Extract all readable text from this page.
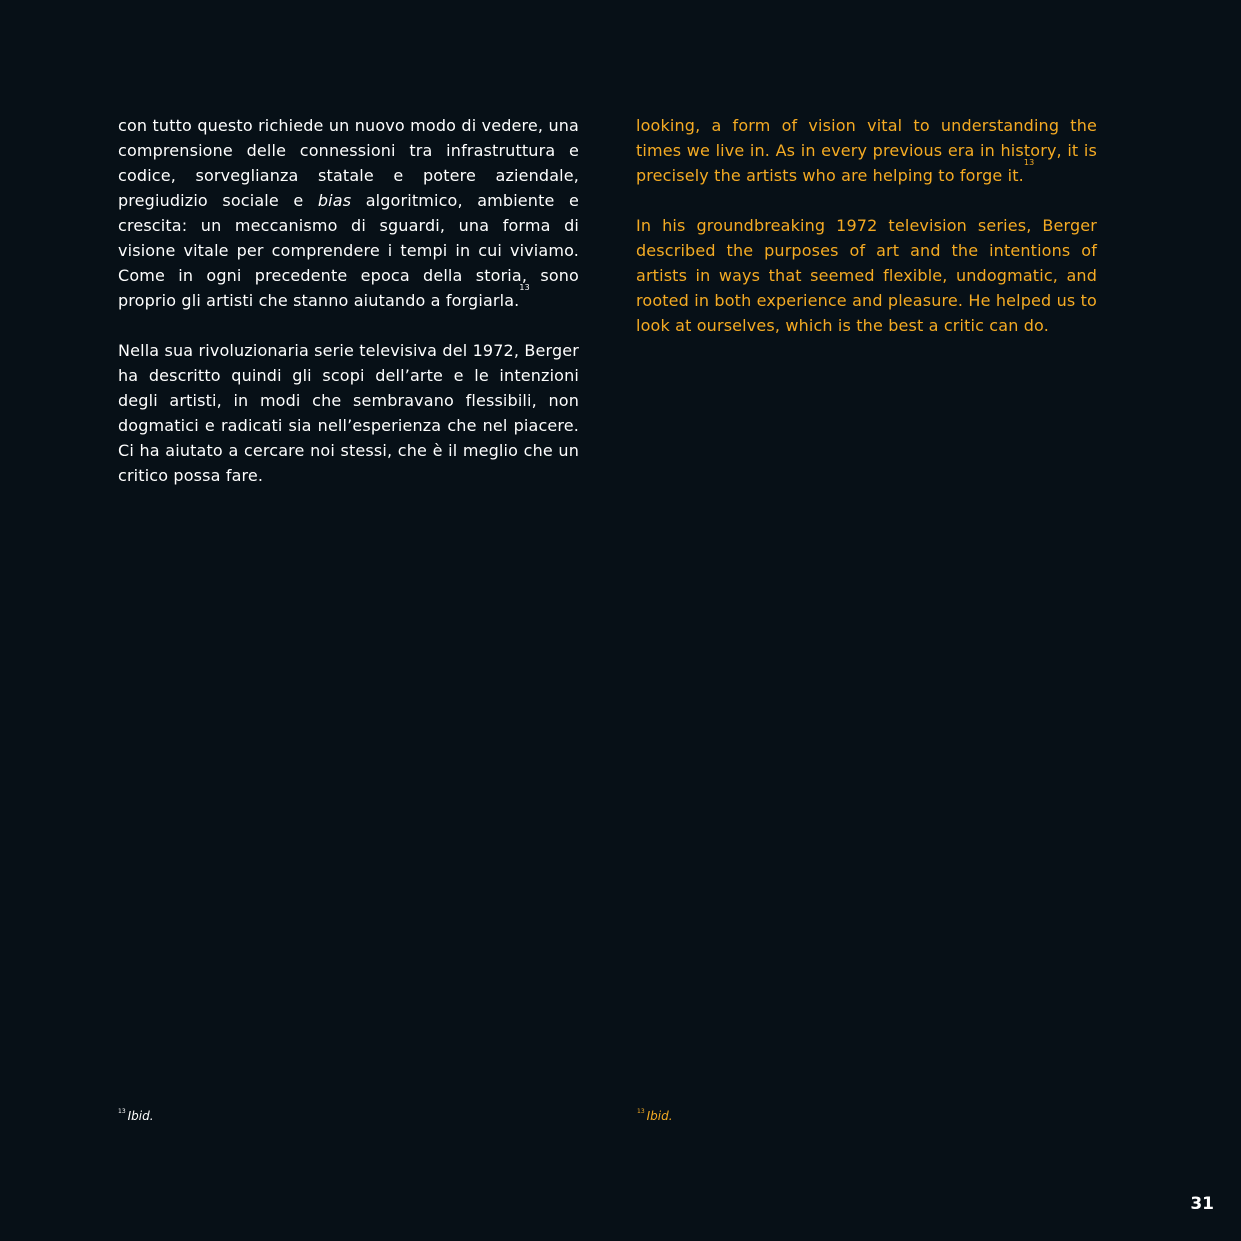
con tutto questo richiede un nuovo modo di vedere, una comprensione delle connessioni tra infrastruttura e codice, sorveglianza statale e potere aziendale, pregiudizio sociale e bias algoritmico, ambiente e crescita: un meccanismo di sguardi, una forma di visione vitale per comprendere i tempi in cui viviamo. Come in ogni precedente epoca della storia, sono proprio gli artisti che stanno aiutando a forgiarla.$^{13}$

Nella sua rivoluzionaria serie televisiva del 1972, Berger ha descritto quindi gli scopi dell’arte e le intenzioni degli artisti, in modi che sembravano flessibili, non dogmatici e radicati sia nell’esperienza che nel piacere. Ci ha aiutato a cercare noi stessi, che è il meglio che un critico possa fare.

looking, a form of vision vital to understanding the times we live in. As in every previous era in history, it is precisely the artists who are helping to forge it.$^{13}$

In his groundbreaking 1972 television series, Berger described the purposes of art and the intentions of artists in ways that seemed flexible, undogmatic, and rooted in both experience and pleasure. He helped us to look at ourselves, which is the best a critic can do.

$^{13}$ Ibid.	$^{13}$ Ibid.
31
